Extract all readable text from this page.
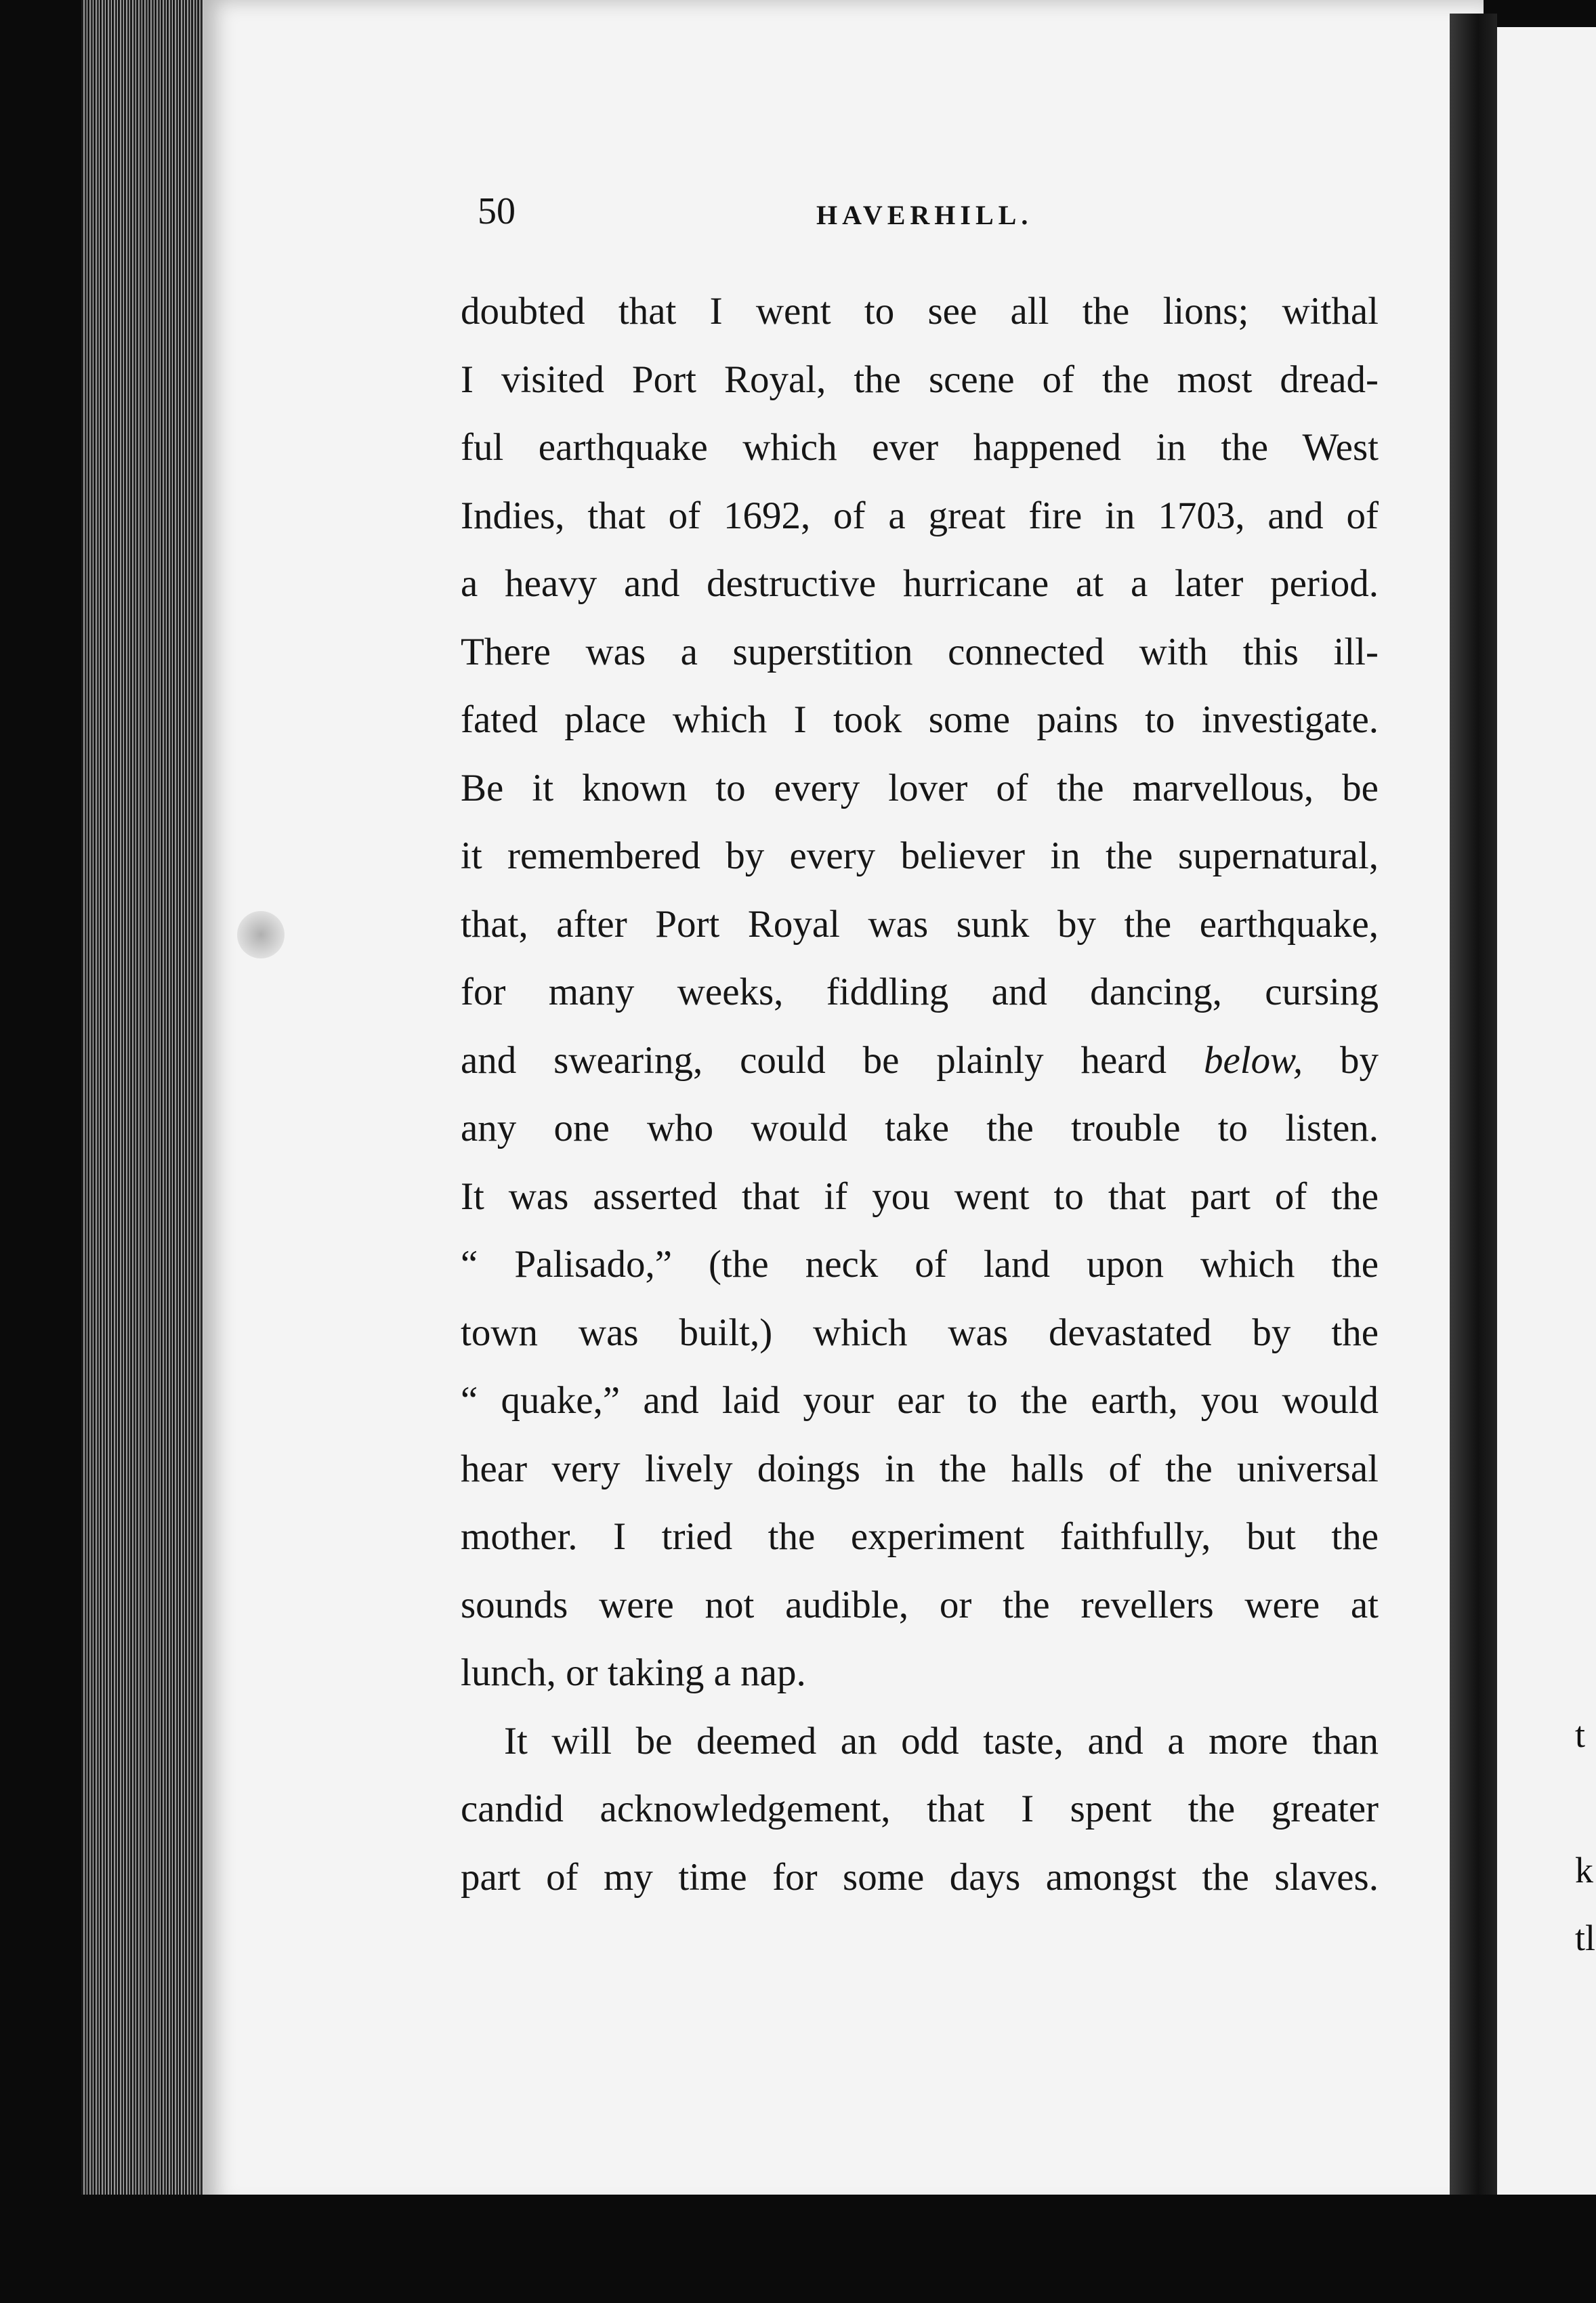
t
k
tl
50	HAVERHILL.
doubted that I went to see all the lions; withal
I visited Port Royal, the scene of the most dread-
ful earthquake which ever happened in the West
Indies, that of 1692, of a great fire in 1703, and of
a heavy and destructive hurricane at a later period.
There was a superstition connected with this ill-
fated place which I took some pains to investigate.
Be it known to every lover of the marvellous, be
it remembered by every believer in the supernatural,
that, after Port Royal was sunk by the earthquake,
for many weeks, fiddling and dancing, cursing
and swearing, could be plainly heard below, by
any one who would take the trouble to listen.
It was asserted that if you went to that part of the
“ Palisado,” (the neck of land upon which the
town was built,) which was devastated by the
“ quake,” and laid your ear to the earth, you would
hear very lively doings in the halls of the universal
mother. I tried the experiment faithfully, but the
sounds were not audible, or the revellers were at
lunch, or taking a nap.
It will be deemed an odd taste, and a more than
candid acknowledgement, that I spent the greater
part of my time for some days amongst the slaves.
